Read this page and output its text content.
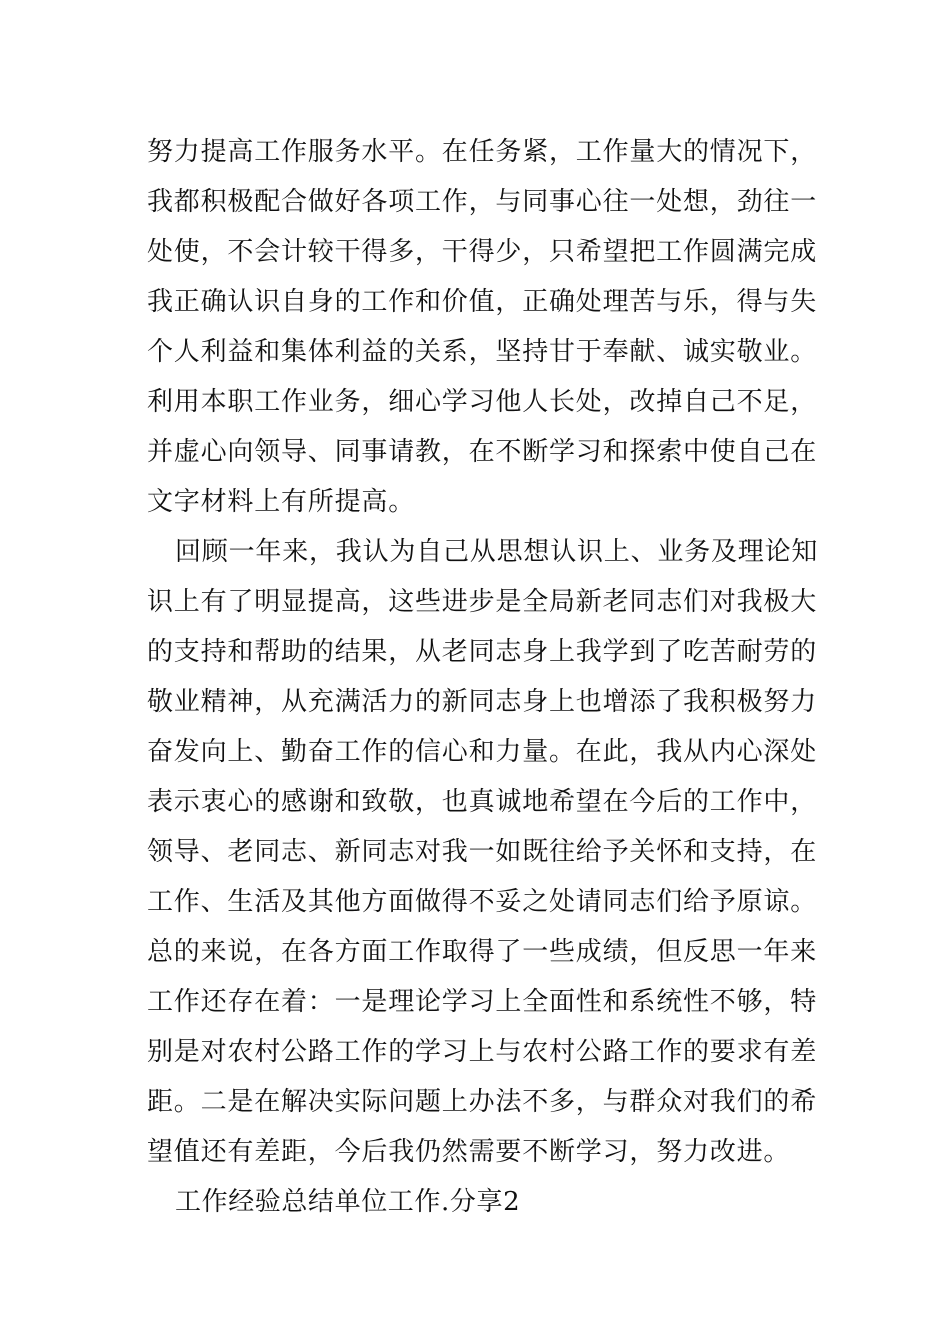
努力提高工作服务水平。在任务紧，工作量大的情况下，
我都积极配合做好各项工作，与同事心往一处想，劲往一
处使，不会计较干得多，干得少，只希望把工作圆满完成
我正确认识自身的工作和价值，正确处理苦与乐，得与失
个人利益和集体利益的关系，坚持甘于奉献、诚实敬业。
利用本职工作业务，细心学习他人长处，改掉自己不足，
并虚心向领导、同事请教，在不断学习和探索中使自己在
文字材料上有所提高。
回顾一年来，我认为自己从思想认识上、业务及理论知
识上有了明显提高，这些进步是全局新老同志们对我极大
的支持和帮助的结果，从老同志身上我学到了吃苦耐劳的
敬业精神，从充满活力的新同志身上也增添了我积极努力
奋发向上、勤奋工作的信心和力量。在此，我从内心深处
表示衷心的感谢和致敬，也真诚地希望在今后的工作中，
领导、老同志、新同志对我一如既往给予关怀和支持，在
工作、生活及其他方面做得不妥之处请同志们给予原谅。
总的来说，在各方面工作取得了一些成绩，但反思一年来
工作还存在着：一是理论学习上全面性和系统性不够，特
别是对农村公路工作的学习上与农村公路工作的要求有差
距。二是在解决实际问题上办法不多，与群众对我们的希
望值还有差距，今后我仍然需要不断学习，努力改进。
工作经验总结单位工作.分享2
